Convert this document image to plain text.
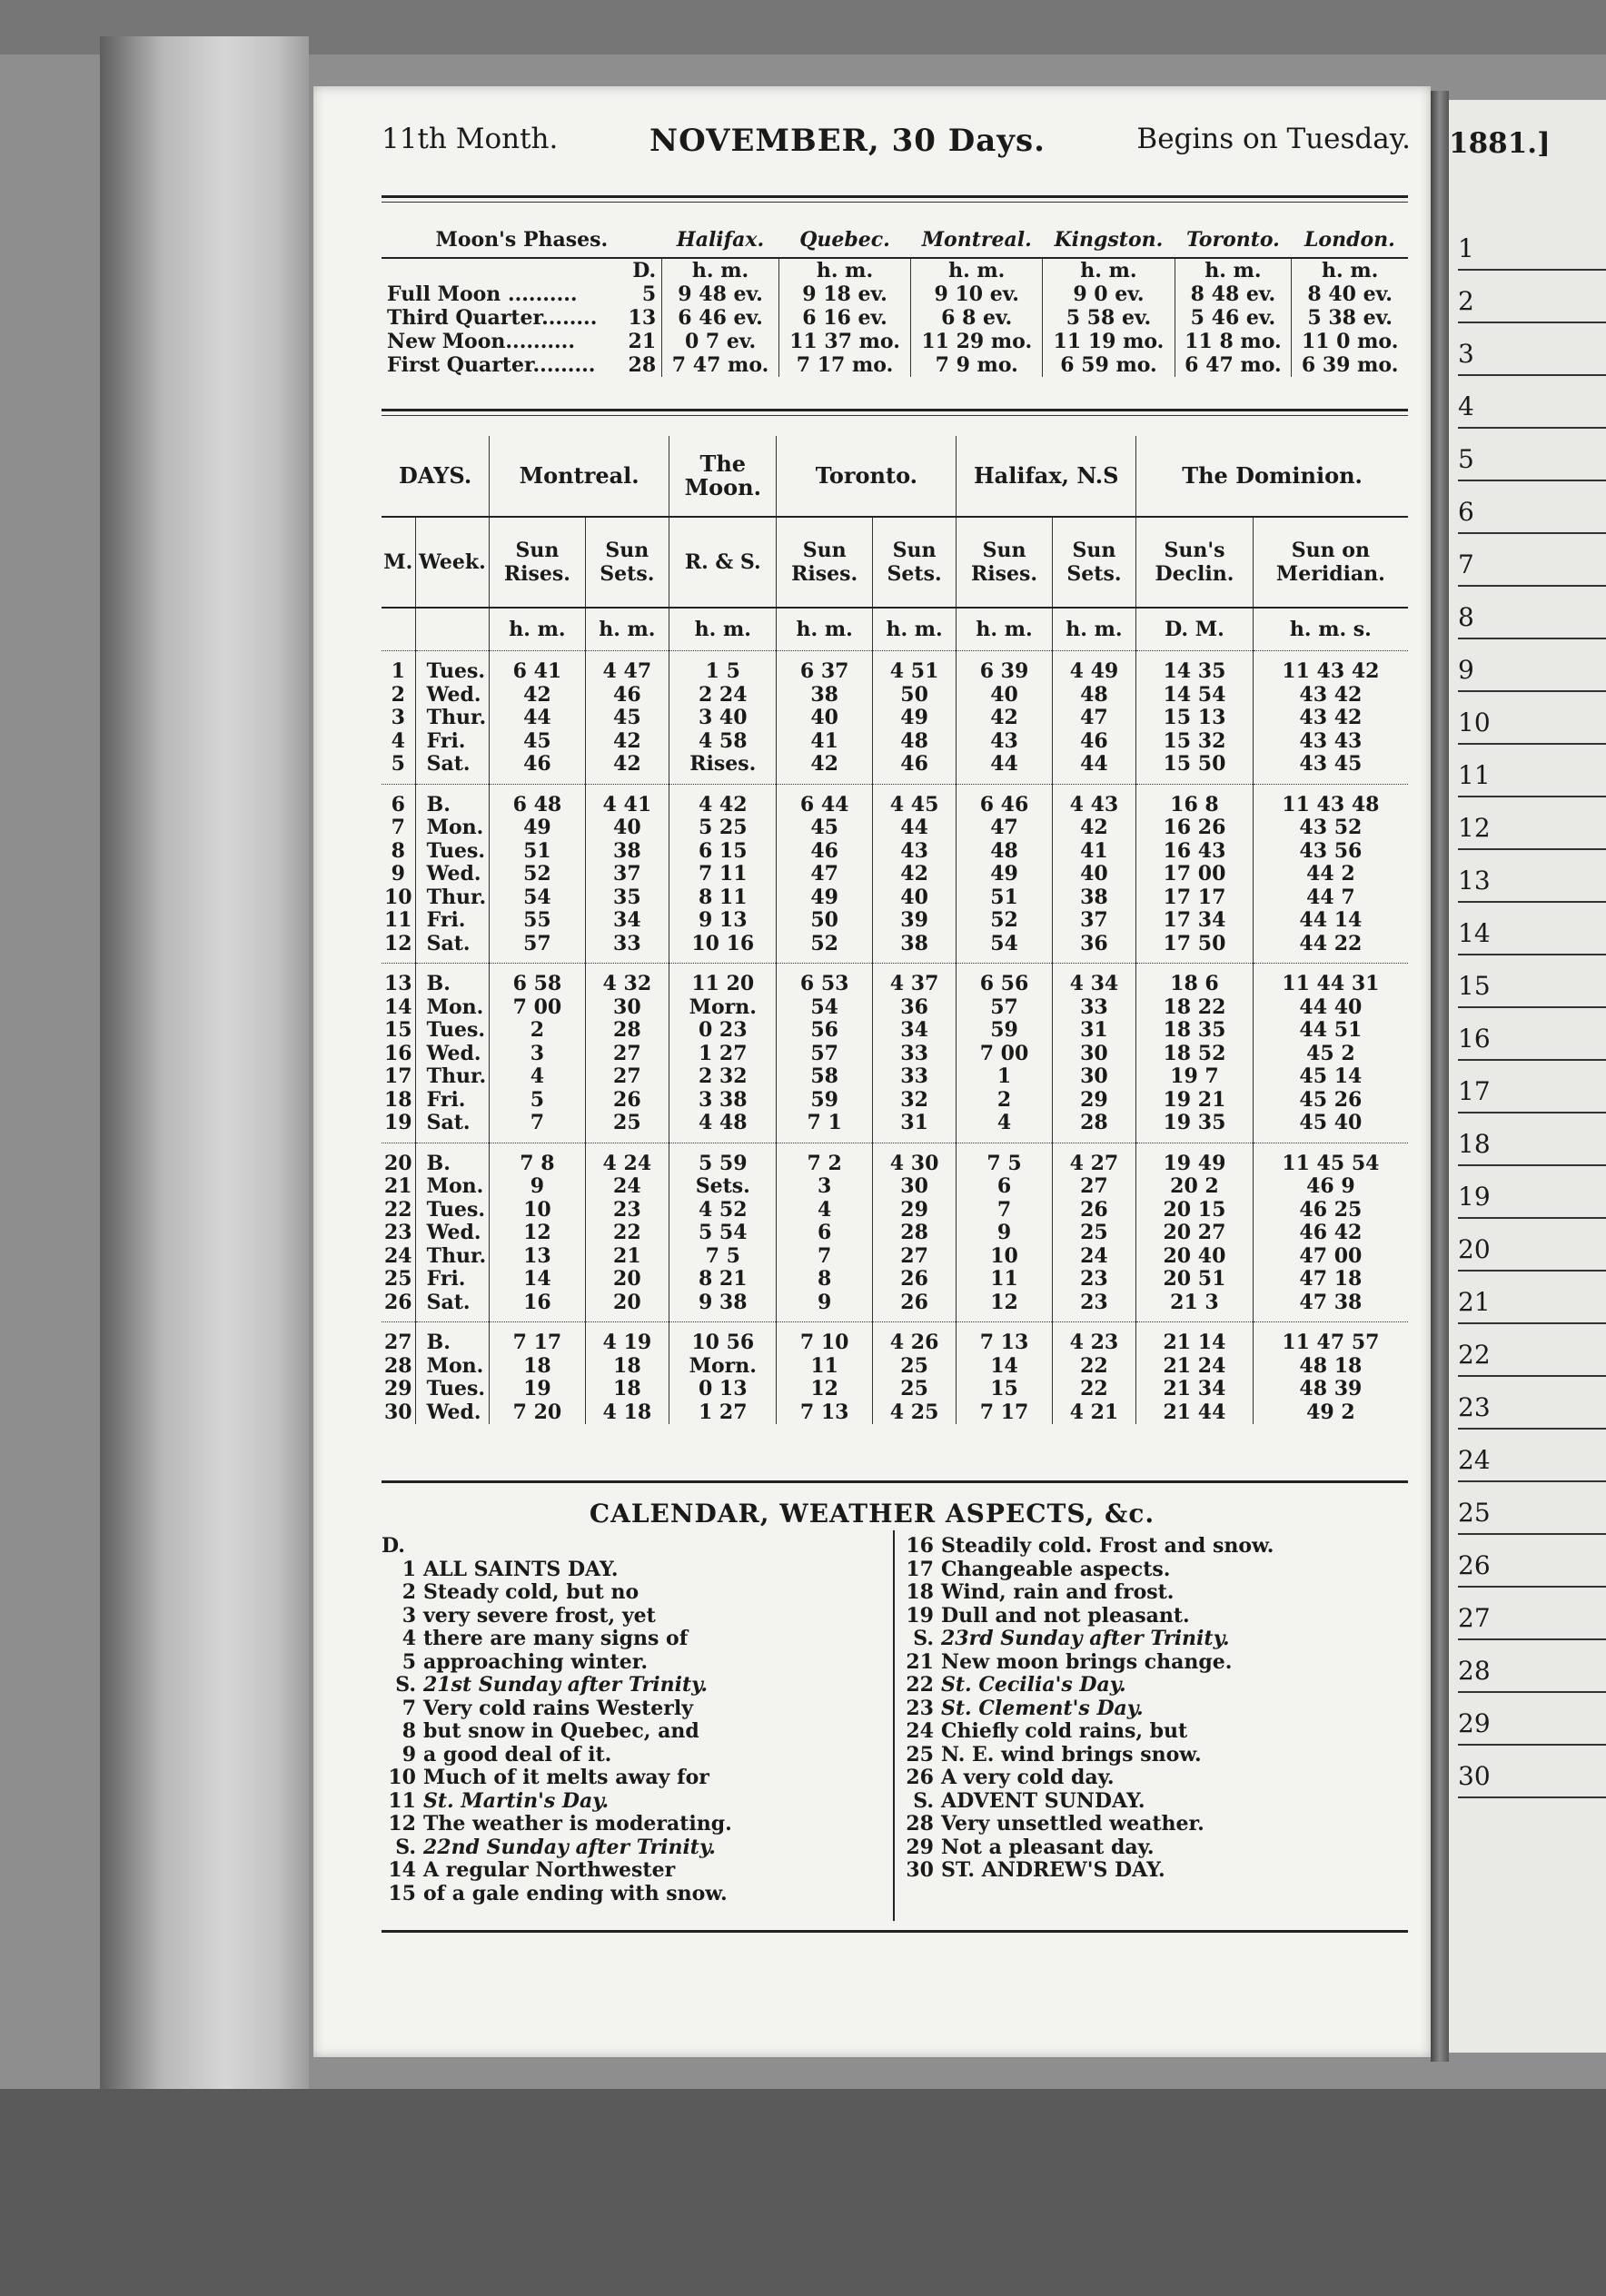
11th Month.	NOVEMBER, 30 Days.	Begins on Tuesday.
Moon's Phases.		Halifax.	Quebec.	Montreal.	Kingston.	Toronto.	London.
	D.	h. m.	h. m.	h. m.	h. m.	h. m.	h. m.
Full Moon ..........	5	9 48 ev.	9 18 ev.	9 10 ev.	9 0 ev.	8 48 ev.	8 40 ev.
Third Quarter........	13	6 46 ev.	6 16 ev.	6 8 ev.	5 58 ev.	5 46 ev.	5 38 ev.
New Moon..........	21	0 7 ev.	11 37 mo.	11 29 mo.	11 19 mo.	11 8 mo.	11 0 mo.
First Quarter.........	28	7 47 mo.	7 17 mo.	7 9 mo.	6 59 mo.	6 47 mo.	6 39 mo.
DAYS.		Montreal.		The Moon.	Toronto.		Halifax, N.S		The Dominion.	
M.	Week.	Sun Rises.	Sun Sets.	R. & S.	Sun Rises.	Sun Sets.	Sun Rises.	Sun Sets.	Sun's Declin.	Sun on Meridian.
		h. m.	h. m.	h. m.	h. m.	h. m.	h. m.	h. m.	D. M.	h. m. s.
1	Tues.	6 41	4 47	1 5	6 37	4 51	6 39	4 49	14 35	11 43 42
2	Wed.	42	46	2 24	38	50	40	48	14 54	43 42
3	Thur.	44	45	3 40	40	49	42	47	15 13	43 42
4	Fri.	45	42	4 58	41	48	43	46	15 32	43 43
5	Sat.	46	42	Rises.	42	46	44	44	15 50	43 45
6	B.	6 48	4 41	4 42	6 44	4 45	6 46	4 43	16 8	11 43 48
7	Mon.	49	40	5 25	45	44	47	42	16 26	43 52
8	Tues.	51	38	6 15	46	43	48	41	16 43	43 56
9	Wed.	52	37	7 11	47	42	49	40	17 00	44 2
10	Thur.	54	35	8 11	49	40	51	38	17 17	44 7
11	Fri.	55	34	9 13	50	39	52	37	17 34	44 14
12	Sat.	57	33	10 16	52	38	54	36	17 50	44 22
13	B.	6 58	4 32	11 20	6 53	4 37	6 56	4 34	18 6	11 44 31
14	Mon.	7 00	30	Morn.	54	36	57	33	18 22	44 40
15	Tues.	2	28	0 23	56	34	59	31	18 35	44 51
16	Wed.	3	27	1 27	57	33	7 00	30	18 52	45 2
17	Thur.	4	27	2 32	58	33	1	30	19 7	45 14
18	Fri.	5	26	3 38	59	32	2	29	19 21	45 26
19	Sat.	7	25	4 48	7 1	31	4	28	19 35	45 40
20	B.	7 8	4 24	5 59	7 2	4 30	7 5	4 27	19 49	11 45 54
21	Mon.	9	24	Sets.	3	30	6	27	20 2	46 9
22	Tues.	10	23	4 52	4	29	7	26	20 15	46 25
23	Wed.	12	22	5 54	6	28	9	25	20 27	46 42
24	Thur.	13	21	7 5	7	27	10	24	20 40	47 00
25	Fri.	14	20	8 21	8	26	11	23	20 51	47 18
26	Sat.	16	20	9 38	9	26	12	23	21 3	47 38
27	B.	7 17	4 19	10 56	7 10	4 26	7 13	4 23	21 14	11 47 57
28	Mon.	18	18	Morn.	11	25	14	22	21 24	48 18
29	Tues.	19	18	0 13	12	25	15	22	21 34	48 39
30	Wed.	7 20	4 18	1 27	7 13	4 25	7 17	4 21	21 44	49 2
CALENDAR, WEATHER ASPECTS, &c.
D.
1 ALL SAINTS DAY.
2 Steady cold, but no
3 very severe frost, yet
4 there are many signs of
5 approaching winter.
S. 21st Sunday after Trinity.
7 Very cold rains Westerly
8 but snow in Quebec, and
9 a good deal of it.
10 Much of it melts away for
11 St. Martin's Day.
12 The weather is moderating.
S. 22nd Sunday after Trinity.
14 A regular Northwester
15 of a gale ending with snow.
16 Steadily cold. Frost and snow.
17 Changeable aspects.
18 Wind, rain and frost.
19 Dull and not pleasant.
S. 23rd Sunday after Trinity.
21 New moon brings change.
22 St. Cecilia's Day.
23 St. Clement's Day.
24 Chiefly cold rains, but
25 N. E. wind brings snow.
26 A very cold day.
S. ADVENT SUNDAY.
28 Very unsettled weather.
29 Not a pleasant day.
30 ST. ANDREW'S DAY.
1881.]
1
2
3
4
5
6
7
8
9
10
11
12
13
14
15
16
17
18
19
20
21
22
23
24
25
26
27
28
29
30
